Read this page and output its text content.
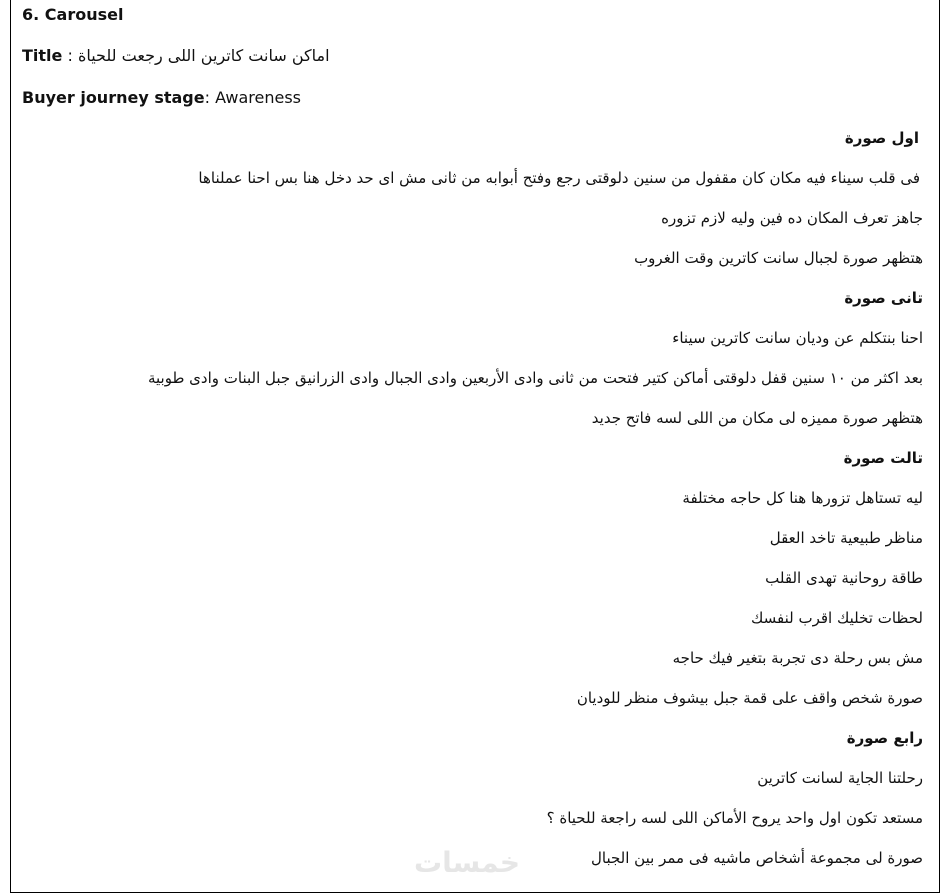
6. Carousel
Title اماكن سانت كاترين اللى رجعت للحياة :
Buyer journey stage: Awareness
اول صورة
فى قلب سيناء فيه مكان كان مقفول من سنين دلوقتى رجع وفتح أبوابه من ثانى مش اى حد دخل هنا بس احنا عملناها
جاهز تعرف المكان ده فين وليه لازم تزوره
هتظهر صورة لجبال سانت كاترين وقت الغروب
تانى صورة
احنا بنتكلم عن وديان سانت كاترين سيناء
بعد اكثر من ١٠ سنين قفل دلوقتى أماكن كتير فتحت من ثانى وادى الأربعين وادى الجبال وادى الزرانيق جبل البنات وادى طوبية
هتظهر صورة مميزه لى مكان من اللى لسه فاتح جديد
تالت صورة
ليه تستاهل تزورها هنا كل حاجه مختلفة
مناظر طبيعية تاخد العقل
طاقة روحانية تهدى القلب
لحظات تخليك اقرب لنفسك
مش بس رحلة دى تجربة بتغير فيك حاجه
صورة شخص واقف على قمة جبل بيشوف منظر للوديان
رابع صورة
رحلتنا الجاية لسانت كاترين
مستعد تكون اول واحد يروح الأماكن اللى لسه راجعة للحياة ؟
صورة لى مجموعة أشخاص ماشيه فى ممر بين الجبال
خمسات
